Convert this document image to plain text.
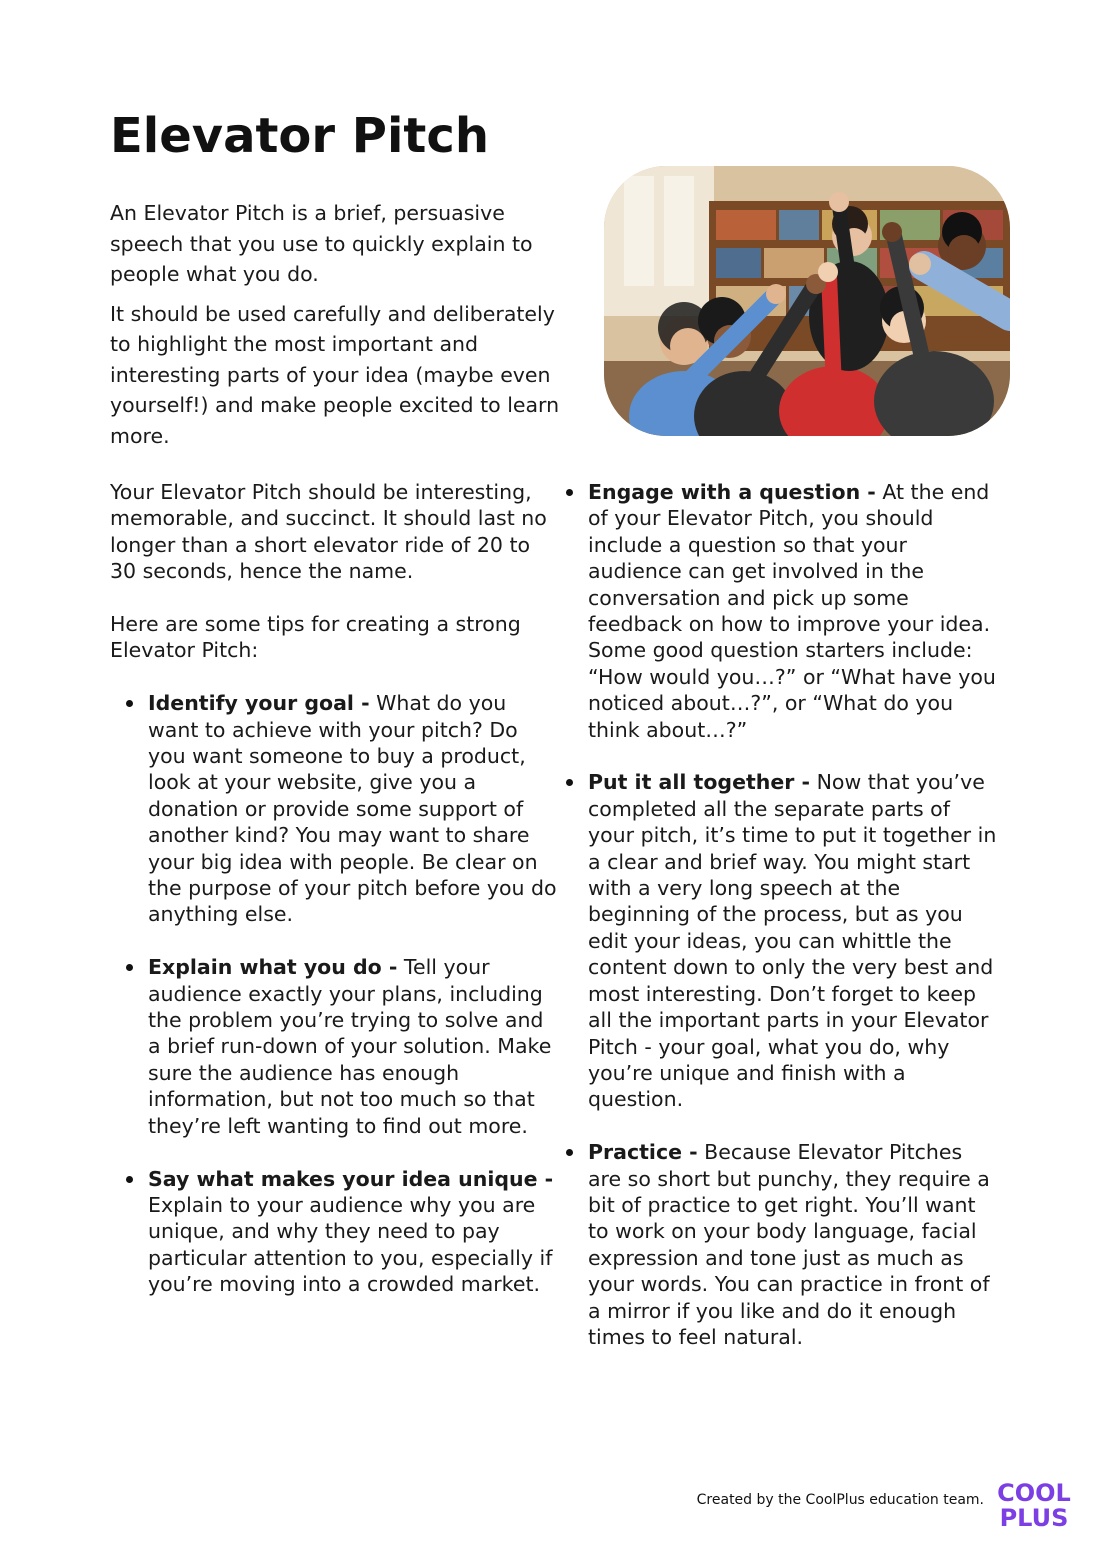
Elevator Pitch

An Elevator Pitch is a brief, persuasive speech that you use to quickly explain to people what you do.

It should be used carefully and deliberately to highlight the most important and interesting parts of your idea (maybe even yourself!) and make people excited to learn more.

Your Elevator Pitch should be interesting, memorable, and succinct. It should last no longer than a short elevator ride of 20 to 30 seconds, hence the name.

Here are some tips for creating a strong Elevator Pitch:

Identify your goal - What do you want to achieve with your pitch? Do you want someone to buy a product, look at your website, give you a donation or provide some support of another kind? You may want to share your big idea with people. Be clear on the purpose of your pitch before you do anything else.
Explain what you do - Tell your audience exactly your plans, including the problem you’re trying to solve and a brief run-down of your solution. Make sure the audience has enough information, but not too much so that they’re left wanting to find out more.
Say what makes your idea unique - Explain to your audience why you are unique, and why they need to pay particular attention to you, especially if you’re moving into a crowded market.
Engage with a question - At the end of your Elevator Pitch, you should include a question so that your audience can get involved in the conversation and pick up some feedback on how to improve your idea. Some good question starters include: “How would you…?” or “What have you noticed about…?”, or “What do you think about…?”
Put it all together - Now that you’ve completed all the separate parts of your pitch, it’s time to put it together in a clear and brief way. You might start with a very long speech at the beginning of the process, but as you edit your ideas, you can whittle the content down to only the very best and most interesting. Don’t forget to keep all the important parts in your Elevator Pitch - your goal, what you do, why you’re unique and finish with a question.
Practice - Because Elevator Pitches are so short but punchy, they require a bit of practice to get right. You’ll want to work on your body language, facial expression and tone just as much as your words. You can practice in front of a mirror if you like and do it enough times to feel natural.
Created by the CoolPlus education team. COOL
PLUS
